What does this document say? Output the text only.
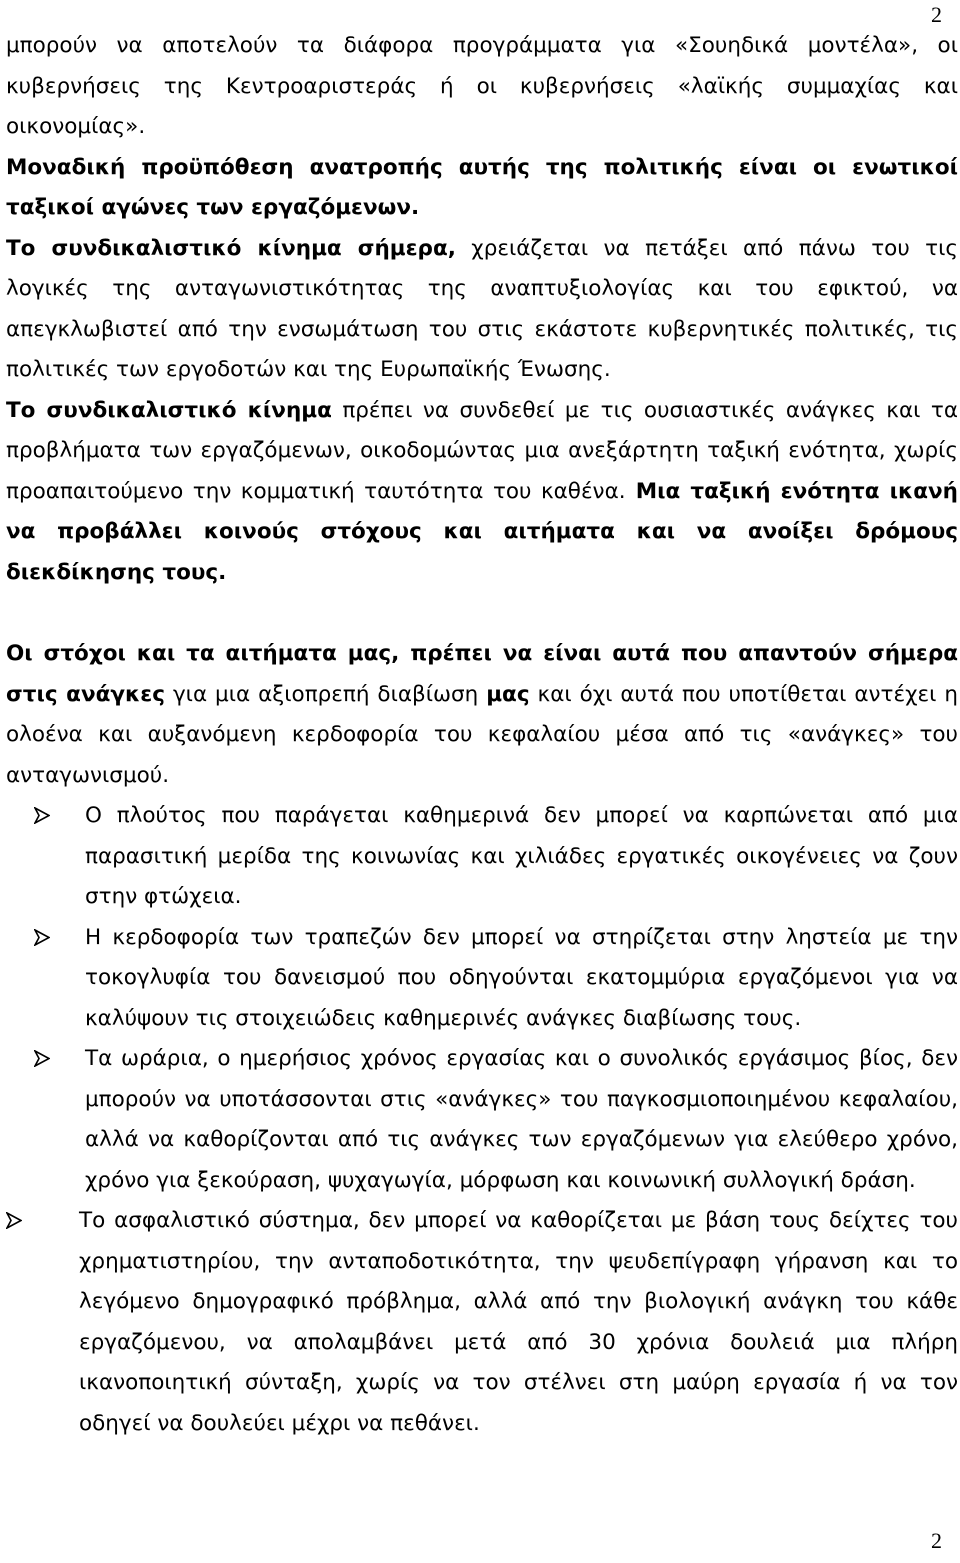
2

μπορούν να αποτελούν τα διάφορα προγράμματα για «Σουηδικά μοντέλα», οι κυβερνήσεις της Κεντροαριστεράς ή οι κυβερνήσεις «λαϊκής συμμαχίας και οικονομίας».

Μοναδική προϋπόθεση ανατροπής αυτής της πολιτικής είναι οι ενωτικοί ταξικοί αγώνες των εργαζόμενων.

Το συνδικαλιστικό κίνημα σήμερα, χρειάζεται να πετάξει από πάνω του τις λογικές της ανταγωνιστικότητας της αναπτυξιολογίας και του εφικτού, να απεγκλωβιστεί από την ενσωμάτωση του στις εκάστοτε κυβερνητικές πολιτικές, τις πολιτικές των εργοδοτών και της Ευρωπαϊκής Ένωσης.

Το συνδικαλιστικό κίνημα πρέπει να συνδεθεί με τις ουσιαστικές ανάγκες και τα προβλήματα των εργαζόμενων, οικοδομώντας μια ανεξάρτητη ταξική ενότητα, χωρίς προαπαιτούμενο την κομματική ταυτότητα του καθένα. Μια ταξική ενότητα ικανή να προβάλλει κοινούς στόχους και αιτήματα και να ανοίξει δρόμους διεκδίκησης τους.

Οι στόχοι και τα αιτήματα μας, πρέπει να είναι αυτά που απαντούν σήμερα στις ανάγκες για μια αξιοπρεπή διαβίωση μας και όχι αυτά που υποτίθεται αντέχει η ολοένα και αυξανόμενη κερδοφορία του κεφαλαίου μέσα από τις «ανάγκες» του ανταγωνισμού.

Ο πλούτος που παράγεται καθημερινά δεν μπορεί να καρπώνεται από μια παρασιτική μερίδα της κοινωνίας και χιλιάδες εργατικές οικογένειες να ζουν στην φτώχεια.

Η κερδοφορία των τραπεζών δεν μπορεί να στηρίζεται στην ληστεία με την τοκογλυφία του δανεισμού που οδηγούνται εκατομμύρια εργαζόμενοι για να καλύψουν τις στοιχειώδεις καθημερινές ανάγκες διαβίωσης τους.

Τα ωράρια, ο ημερήσιος χρόνος εργασίας και ο συνολικός εργάσιμος βίος, δεν μπορούν να υποτάσσονται στις «ανάγκες» του παγκοσμιοποιημένου κεφαλαίου, αλλά να καθορίζονται από τις ανάγκες των εργαζόμενων για ελεύθερο χρόνο, χρόνο για ξεκούραση, ψυχαγωγία, μόρφωση και κοινωνική συλλογική δράση.

Το ασφαλιστικό σύστημα, δεν μπορεί να καθορίζεται με βάση τους δείχτες του χρηματιστηρίου, την ανταποδοτικότητα, την ψευδεπίγραφη γήρανση και το λεγόμενο δημογραφικό πρόβλημα, αλλά από την βιολογική ανάγκη του κάθε εργαζόμενου, να απολαμβάνει μετά από 30 χρόνια δουλειά μια πλήρη ικανοποιητική σύνταξη, χωρίς να τον στέλνει στη μαύρη εργασία ή να τον οδηγεί να δουλεύει μέχρι να πεθάνει.

2
